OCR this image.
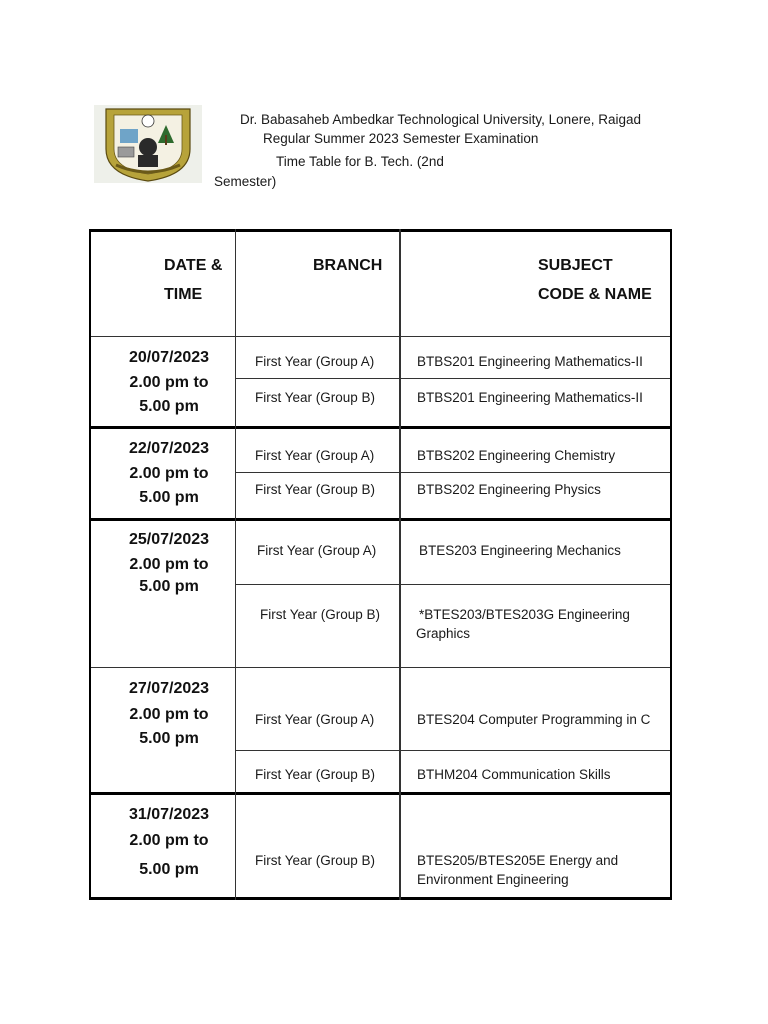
Dr. Babasaheb Ambedkar Technological University, Lonere, Raigad
Regular Summer 2023 Semester Examination
Time Table for B. Tech. (2nd
Semester)
DATE &
TIME
BRANCH	SUBJECT
CODE & NAME
20/07/2023
2.00 pm to
5.00 pm
First Year (Group A)	BTBS201 Engineering Mathematics-II
First Year (Group B)	BTBS201 Engineering Mathematics-II
22/07/2023
2.00 pm to
5.00 pm
First Year (Group A)	BTBS202 Engineering Chemistry
First Year (Group B)	BTBS202 Engineering Physics
25/07/2023
2.00 pm to
5.00 pm
First Year (Group A)	BTES203 Engineering Mechanics
First Year (Group B)	*BTES203/BTES203G Engineering
Graphics
27/07/2023
2.00 pm to
5.00 pm
First Year (Group A)	BTES204 Computer Programming in C
First Year (Group B)	BTHM204 Communication Skills
31/07/2023
2.00 pm to
5.00 pm
First Year (Group B)	BTES205/BTES205E Energy and
Environment Engineering
